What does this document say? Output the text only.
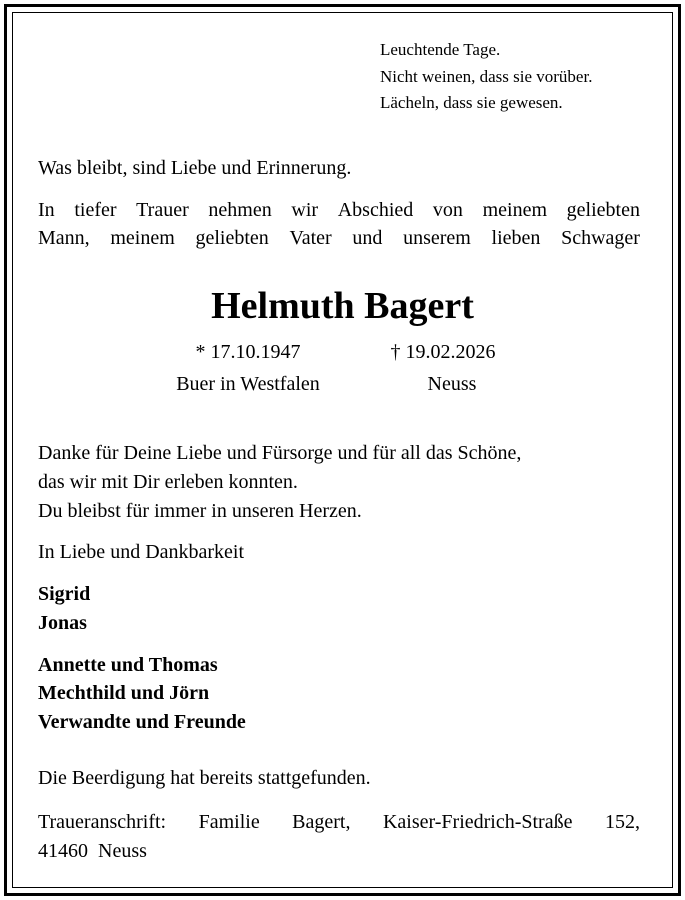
Leuchtende Tage.
Nicht weinen, dass sie vorüber.
Lächeln, dass sie gewesen.
Was bleibt, sind Liebe und Erinnerung.
In tiefer Trauer nehmen wir Abschied von meinem geliebten
Mann, meinem geliebten Vater und unserem lieben Schwager
Helmuth Bagert
* 17.10.1947	† 19.02.2026
Buer in Westfalen	Neuss
Danke für Deine Liebe und Fürsorge und für all das Schöne,
das wir mit Dir erleben konnten.
Du bleibst für immer in unseren Herzen.
In Liebe und Dankbarkeit
Sigrid
Jonas
Annette und Thomas
Mechthild und Jörn
Verwandte und Freunde
Die Beerdigung hat bereits stattgefunden.
Traueranschrift: Familie Bagert, Kaiser-Friedrich-Straße 152,
41460  Neuss
